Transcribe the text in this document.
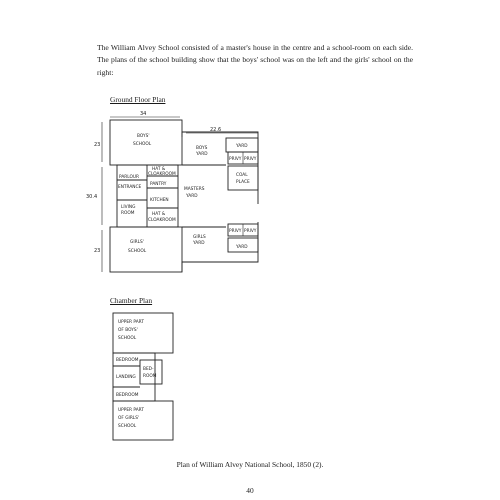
The William Alvey School consisted of a master's house in the centre and a school-room on each side. The plans of the school building show that the boys' school was on the left and the girls' school on the right:

Ground Floor Plan
34
22.6
23
30.4
23
BOYS'
SCHOOL
GIRLS'
SCHOOL
PARLOUR
HAT &
CLOAKROOM
PANTRY
ENTRANCE
KITCHEN
LIVING
ROOM	HAT &
CLOAKROOM
BOYS
YARD
MASTERS
YARD
GIRLS
YARD
YARD
PRIVY PRIVY
COAL
PLACE
PRIVY PRIVY
YARD
UPPER PART
OF BOYS'
SCHOOL
BEDROOM
LANDING
BED-
ROOM
BEDROOM
UPPER PART
OF GIRLS'
SCHOOL
Chamber Plan
Plan of William Alvey National School, 1850 (2).
40
